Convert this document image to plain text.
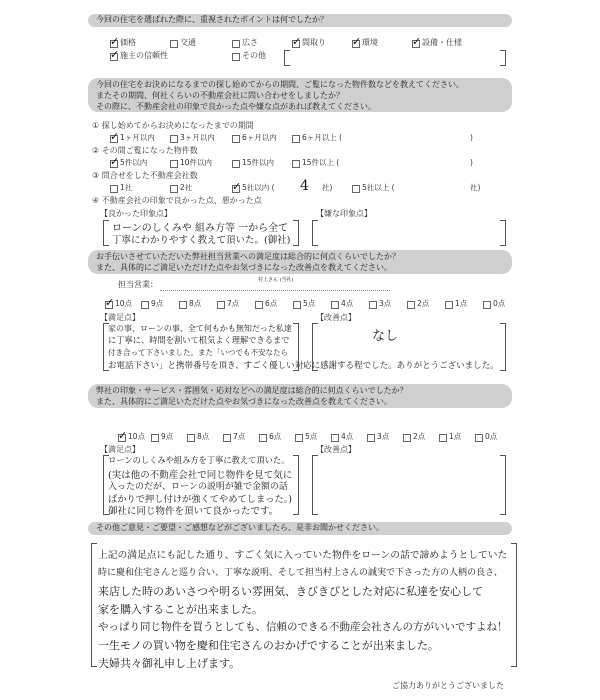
今回の住宅を選ばれた際に、重視されたポイントは何でしたか？
✓
価格	交通	広さ ✓	間取り ✓	環境 ✓	設備・仕様
✓
施主の信頼性	その他
今回の住宅をお決めになるまでの探し始めてからの期間、ご覧になった物件数などを教えてください。
またその期間、何社くらいの不動産会社に問い合わせをしましたか？
その際に、不動産会社の印象で良かった点や嫌な点があれば教えてください。
① 探し始めてからお決めになったまでの期間
✓
1ヶ月以内	3ヶ月以内	6ヶ月以内	6ヶ月以上 (	)
② その間ご覧になった物件数
✓
5件以内	10件以内	15件以内	15件以上 (	)
③ 問合せをした不動産会社数
1社	2社 ✓	5社以内 ( 4 社)	5社以上 (	社)
④ 不動産会社の印象で良かった点、悪かった点
【良かった印象点】	【嫌な印象点】
ローンのしくみや 組み方等 一から全て
丁寧にわかりやすく教えて頂いた。(御社)
お手伝いさせていただいた弊社担当営業への満足度は総合的に何点くらいでしたか？
また、具体的にご満足いただけた点やお気づきになった改善点を教えてください。
担当営業：	村上さん (当社)
✓
10点	9点	8点	7点	6点	5点	4点	3点	2点	1点	0点
【満足点】	【改善点】
家の事、ローンの事、全て何もかも無知だった私達
に丁寧に、時間を割いて根気よく理解できるまで
付き合って下さいました。また「いつでも不安なたら
お電話下さい」と携帯番号を頂き、すごく優しい対応に感謝する程でした。ありがとうございました。
なし
弊社の印象・サービス・雰囲気・応対などへの満足度は総合的に何点くらいでしたか？
また、具体的にご満足いただけた点やお気づきになった改善点を教えてください。
✓
10点 9点	8点	7点	6点	5点	4点	3点	2点	1点	0点
【満足点】	【改善点】
ローンのしくみや組み方を丁寧に教えて頂いた。
(実は他の不動産会社で同じ物件を見て気に
入ったのだが、ローンの説明が雑で金額の話
ばかりで押し付けが強くてやめてしまった。)
御社に同じ物件を頂いて良かったです。
その他ご意見・ご要望・ご感想などがございましたら、是非お聞かせください。
上記の満足点にも記した通り、すごく気に入っていた物件をローンの話で諦めようとしていた
時に慶和住宅さんと巡り合い、丁寧な説明、そして担当村上さんの誠実で下さった方の人柄の良さ、
来店した時のあいさつや明るい雰囲気、きびきびとした対応に私達を安心して
家を購入することが出来ました。
やっぱり同じ物件を買うとしても、信頼のできる不動産会社さんの方がいいですよね！
一生モノの買い物を慶和住宅さんのおかげですることが出来ました。
夫婦共々御礼申し上げます。
ご協力ありがとうございました
